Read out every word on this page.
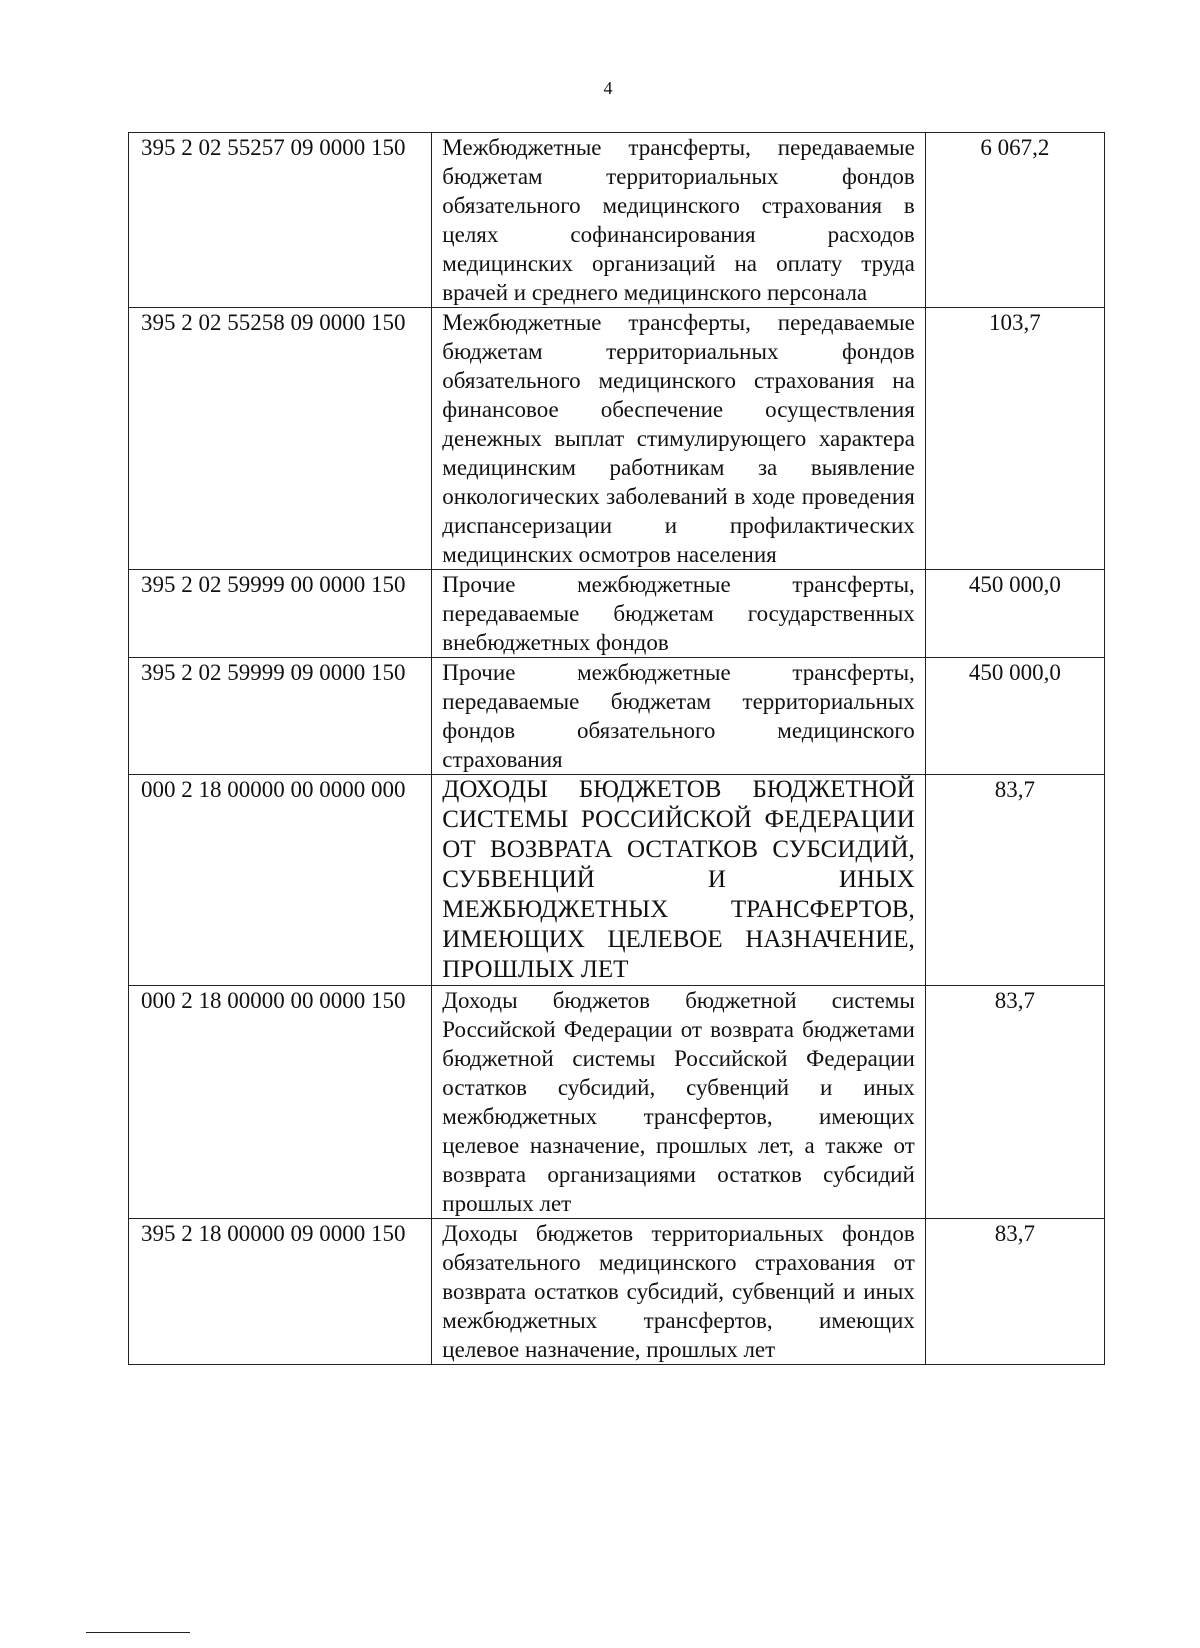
4
395 2 02 55257 09 0000 150	Межбюджетные трансферты, передаваемые бюджетам территориальных фондов обязательного медицинского страхования в целях софинансирования расходов медицинских организаций на оплату труда врачей и среднего медицинского персонала	6 067,2
395 2 02 55258 09 0000 150	Межбюджетные трансферты, передаваемые бюджетам территориальных фондов обязательного медицинского страхования на финансовое обеспечение осуществления денежных выплат стимулирующего характера медицинским работникам за выявление онкологических заболеваний в ходе проведения диспансеризации и профилактических медицинских осмотров населения	103,7
395 2 02 59999 00 0000 150	Прочие межбюджетные трансферты, передаваемые бюджетам государственных внебюджетных фондов	450 000,0
395 2 02 59999 09 0000 150	Прочие межбюджетные трансферты, передаваемые бюджетам территориальных фондов обязательного медицинского страхования	450 000,0
000 2 18 00000 00 0000 000	ДОХОДЫ БЮДЖЕТОВ БЮДЖЕТНОЙ СИСТЕМЫ РОССИЙСКОЙ ФЕДЕРАЦИИ ОТ ВОЗВРАТА ОСТАТКОВ СУБСИДИЙ, СУБВЕНЦИЙ И ИНЫХ МЕЖБЮДЖЕТНЫХ ТРАНСФЕРТОВ, ИМЕЮЩИХ ЦЕЛЕВОЕ НАЗНАЧЕНИЕ, ПРОШЛЫХ ЛЕТ	83,7
000 2 18 00000 00 0000 150	Доходы бюджетов бюджетной системы Российской Федерации от возврата бюджетами бюджетной системы Российской Федерации остатков субсидий, субвенций и иных межбюджетных трансфертов, имеющих целевое назначение, прошлых лет, а также от возврата организациями остатков субсидий прошлых лет	83,7
395 2 18 00000 09 0000 150	Доходы бюджетов территориальных фондов обязательного медицинского страхования от возврата остатков субсидий, субвенций и иных межбюджетных трансфертов, имеющих целевое назначение, прошлых лет	83,7
